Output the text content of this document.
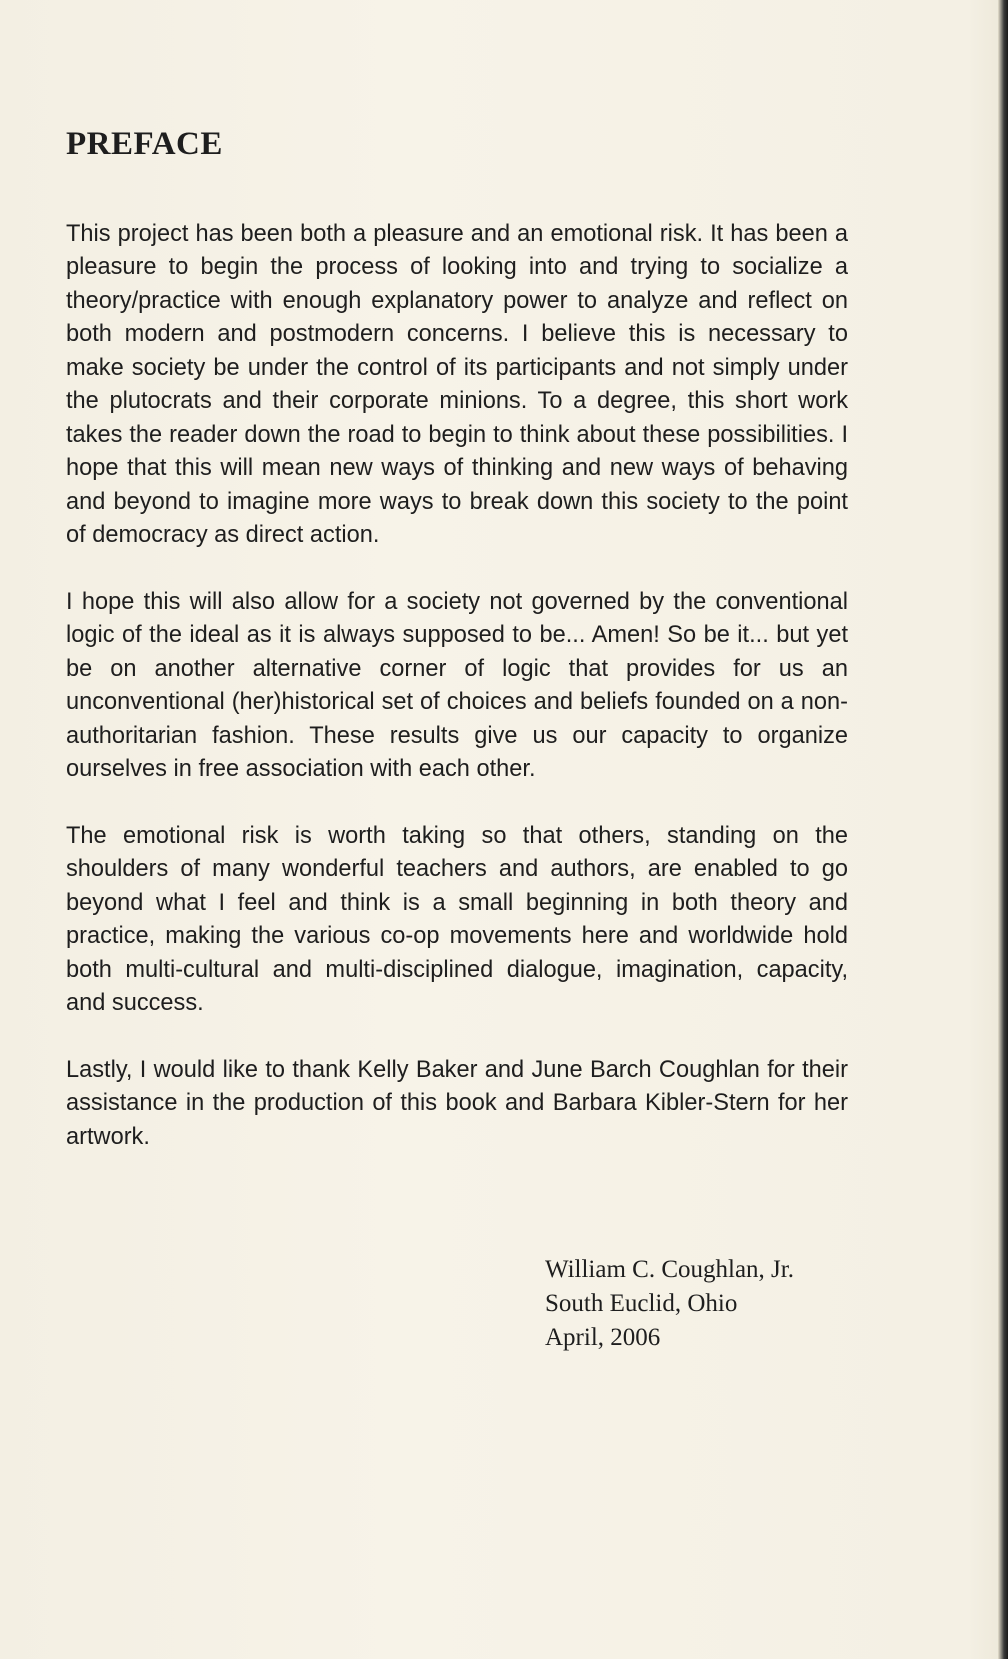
PREFACE

This project has been both a pleasure and an emotional risk. It has been a pleasure to begin the process of looking into and trying to socialize a theory/practice with enough explanatory power to analyze and reflect on both modern and postmodern concerns. I believe this is necessary to make society be under the control of its participants and not simply under the plutocrats and their corporate minions. To a degree, this short work takes the reader down the road to begin to think about these possibilities. I hope that this will mean new ways of thinking and new ways of behaving and beyond to imagine more ways to break down this society to the point of democracy as direct action.

I hope this will also allow for a society not governed by the conventional logic of the ideal as it is always supposed to be... Amen! So be it... but yet be on another alternative corner of logic that provides for us an unconventional (her)historical set of choices and beliefs founded on a non-authoritarian fashion. These results give us our capacity to organize ourselves in free association with each other.

The emotional risk is worth taking so that others, standing on the shoulders of many wonderful teachers and authors, are enabled to go beyond what I feel and think is a small beginning in both theory and practice, making the various co-op movements here and worldwide hold both multi-cultural and multi-disciplined dialogue, imagination, capacity, and success.

Lastly, I would like to thank Kelly Baker and June Barch Coughlan for their assistance in the production of this book and Barbara Kibler-Stern for her artwork.

William C. Coughlan, Jr.
South Euclid, Ohio
April, 2006
